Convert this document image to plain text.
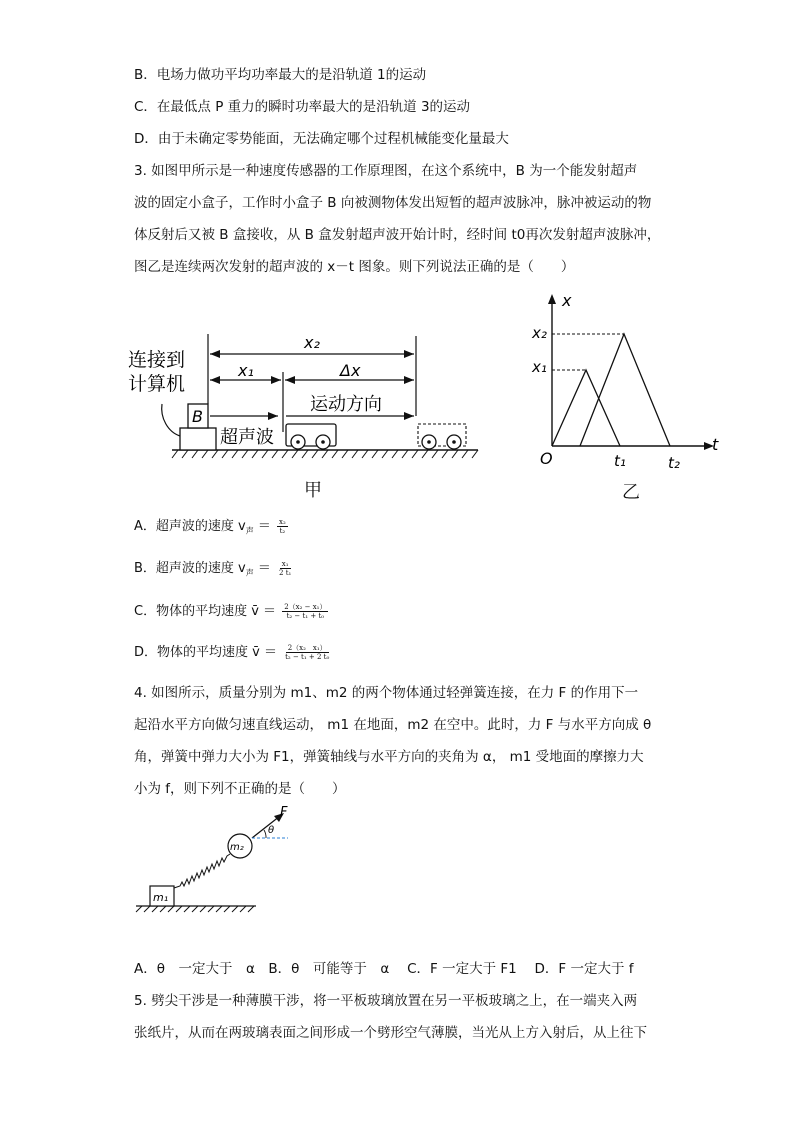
B．电场力做功平均功率最大的是沿轨道 1的运动
C．在最低点 P 重力的瞬时功率最大的是沿轨道 3的运动
D．由于未确定零势能面，无法确定哪个过程机械能变化量最大
3. 如图甲所示是一种速度传感器的工作原理图，在这个系统中，B 为一个能发射超声
波的固定小盒子，工作时小盒子 B 向被测物体发出短暂的超声波脉冲，脉冲被运动的物
体反射后又被 B 盒接收，从 B 盒发射超声波开始计时，经时间 t0再次发射超声波脉冲，
图乙是连续两次发射的超声波的 x－t 图象。则下列说法正确的是（　　）
B
连接到
计算机
x₂
x₁	Δx
运动方向
超声波
甲
x
t
O
x₂
x₁
t₁	t₂
乙
A．超声波的速度 $v_声 = \frac{\text{x₂}}{\text{t₂}}$
B．超声波的速度 $v_声 = \frac{\text{x₁}}{\text{2 t₁}}$
C．物体的平均速度 v̄ ＝ $\frac{\text{2（x₂ − x₁）}}{\text{t₂ − t₁ + t₀}}$
D．物体的平均速度 v̄ ＝ $\frac{\text{2（x₂　x₁）}}{\text{t₂ − t₁ + 2 t₀}}$
4. 如图所示，质量分别为 m1、m2 的两个物体通过轻弹簧连接，在力 F 的作用下一
起沿水平方向做匀速直线运动， m1 在地面，m2 在空中。此时，力 F 与水平方向成 θ
角，弹簧中弹力大小为 F1，弹簧轴线与水平方向的夹角为 α， m1 受地面的摩擦力大
小为 f，则下列不正确的是（　　）
m₁
m₂
F
θ
A．θ　一定大于　α　B．θ　可能等于　α　 C．F 一定大于 F1　 D．F 一定大于 f
5. 劈尖干涉是一种薄膜干涉，将一平板玻璃放置在另一平板玻璃之上，在一端夹入两
张纸片，从而在两玻璃表面之间形成一个劈形空气薄膜，当光从上方入射后，从上往下
